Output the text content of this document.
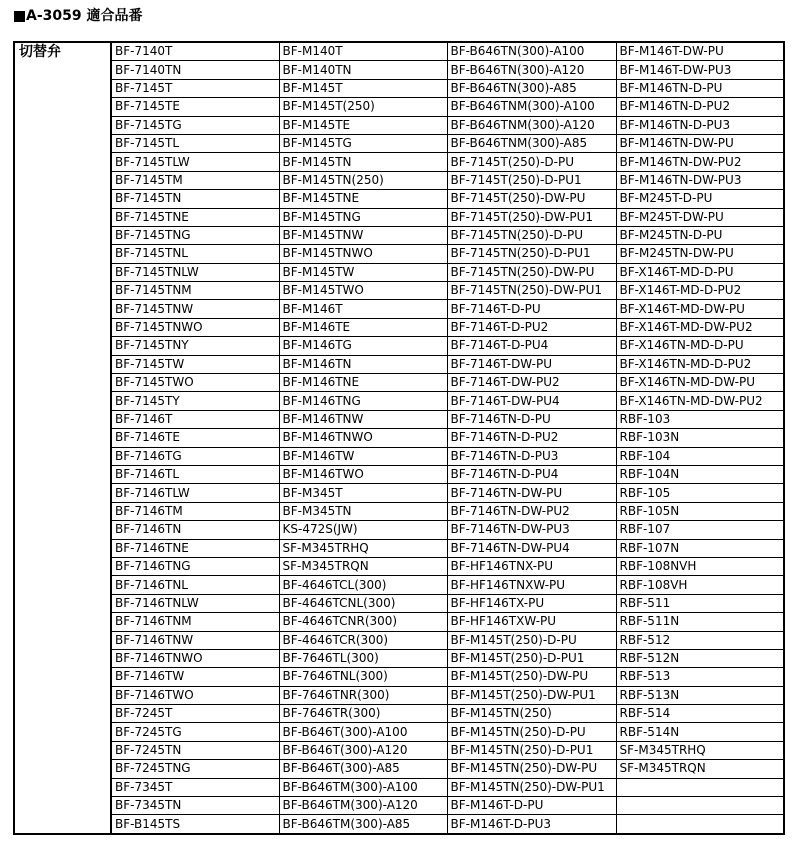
A-3059 適合品番
切替弁	BF-7140T	BF-M140T	BF-B646TN(300)-A100	BF-M146T-DW-PU
	BF-7140TN	BF-M140TN	BF-B646TN(300)-A120	BF-M146T-DW-PU3
	BF-7145T	BF-M145T	BF-B646TN(300)-A85	BF-M146TN-D-PU
	BF-7145TE	BF-M145T(250)	BF-B646TNM(300)-A100	BF-M146TN-D-PU2
	BF-7145TG	BF-M145TE	BF-B646TNM(300)-A120	BF-M146TN-D-PU3
	BF-7145TL	BF-M145TG	BF-B646TNM(300)-A85	BF-M146TN-DW-PU
	BF-7145TLW	BF-M145TN	BF-7145T(250)-D-PU	BF-M146TN-DW-PU2
	BF-7145TM	BF-M145TN(250)	BF-7145T(250)-D-PU1	BF-M146TN-DW-PU3
	BF-7145TN	BF-M145TNE	BF-7145T(250)-DW-PU	BF-M245T-D-PU
	BF-7145TNE	BF-M145TNG	BF-7145T(250)-DW-PU1	BF-M245T-DW-PU
	BF-7145TNG	BF-M145TNW	BF-7145TN(250)-D-PU	BF-M245TN-D-PU
	BF-7145TNL	BF-M145TNWO	BF-7145TN(250)-D-PU1	BF-M245TN-DW-PU
	BF-7145TNLW	BF-M145TW	BF-7145TN(250)-DW-PU	BF-X146T-MD-D-PU
	BF-7145TNM	BF-M145TWO	BF-7145TN(250)-DW-PU1	BF-X146T-MD-D-PU2
	BF-7145TNW	BF-M146T	BF-7146T-D-PU	BF-X146T-MD-DW-PU
	BF-7145TNWO	BF-M146TE	BF-7146T-D-PU2	BF-X146T-MD-DW-PU2
	BF-7145TNY	BF-M146TG	BF-7146T-D-PU4	BF-X146TN-MD-D-PU
	BF-7145TW	BF-M146TN	BF-7146T-DW-PU	BF-X146TN-MD-D-PU2
	BF-7145TWO	BF-M146TNE	BF-7146T-DW-PU2	BF-X146TN-MD-DW-PU
	BF-7145TY	BF-M146TNG	BF-7146T-DW-PU4	BF-X146TN-MD-DW-PU2
	BF-7146T	BF-M146TNW	BF-7146TN-D-PU	RBF-103
	BF-7146TE	BF-M146TNWO	BF-7146TN-D-PU2	RBF-103N
	BF-7146TG	BF-M146TW	BF-7146TN-D-PU3	RBF-104
	BF-7146TL	BF-M146TWO	BF-7146TN-D-PU4	RBF-104N
	BF-7146TLW	BF-M345T	BF-7146TN-DW-PU	RBF-105
	BF-7146TM	BF-M345TN	BF-7146TN-DW-PU2	RBF-105N
	BF-7146TN	KS-472S(JW)	BF-7146TN-DW-PU3	RBF-107
	BF-7146TNE	SF-M345TRHQ	BF-7146TN-DW-PU4	RBF-107N
	BF-7146TNG	SF-M345TRQN	BF-HF146TNX-PU	RBF-108NVH
	BF-7146TNL	BF-4646TCL(300)	BF-HF146TNXW-PU	RBF-108VH
	BF-7146TNLW	BF-4646TCNL(300)	BF-HF146TX-PU	RBF-511
	BF-7146TNM	BF-4646TCNR(300)	BF-HF146TXW-PU	RBF-511N
	BF-7146TNW	BF-4646TCR(300)	BF-M145T(250)-D-PU	RBF-512
	BF-7146TNWO	BF-7646TL(300)	BF-M145T(250)-D-PU1	RBF-512N
	BF-7146TW	BF-7646TNL(300)	BF-M145T(250)-DW-PU	RBF-513
	BF-7146TWO	BF-7646TNR(300)	BF-M145T(250)-DW-PU1	RBF-513N
	BF-7245T	BF-7646TR(300)	BF-M145TN(250)	RBF-514
	BF-7245TG	BF-B646T(300)-A100	BF-M145TN(250)-D-PU	RBF-514N
	BF-7245TN	BF-B646T(300)-A120	BF-M145TN(250)-D-PU1	SF-M345TRHQ
	BF-7245TNG	BF-B646T(300)-A85	BF-M145TN(250)-DW-PU	SF-M345TRQN
	BF-7345T	BF-B646TM(300)-A100	BF-M145TN(250)-DW-PU1	
	BF-7345TN	BF-B646TM(300)-A120	BF-M146T-D-PU	
	BF-B145TS	BF-B646TM(300)-A85	BF-M146T-D-PU3	
